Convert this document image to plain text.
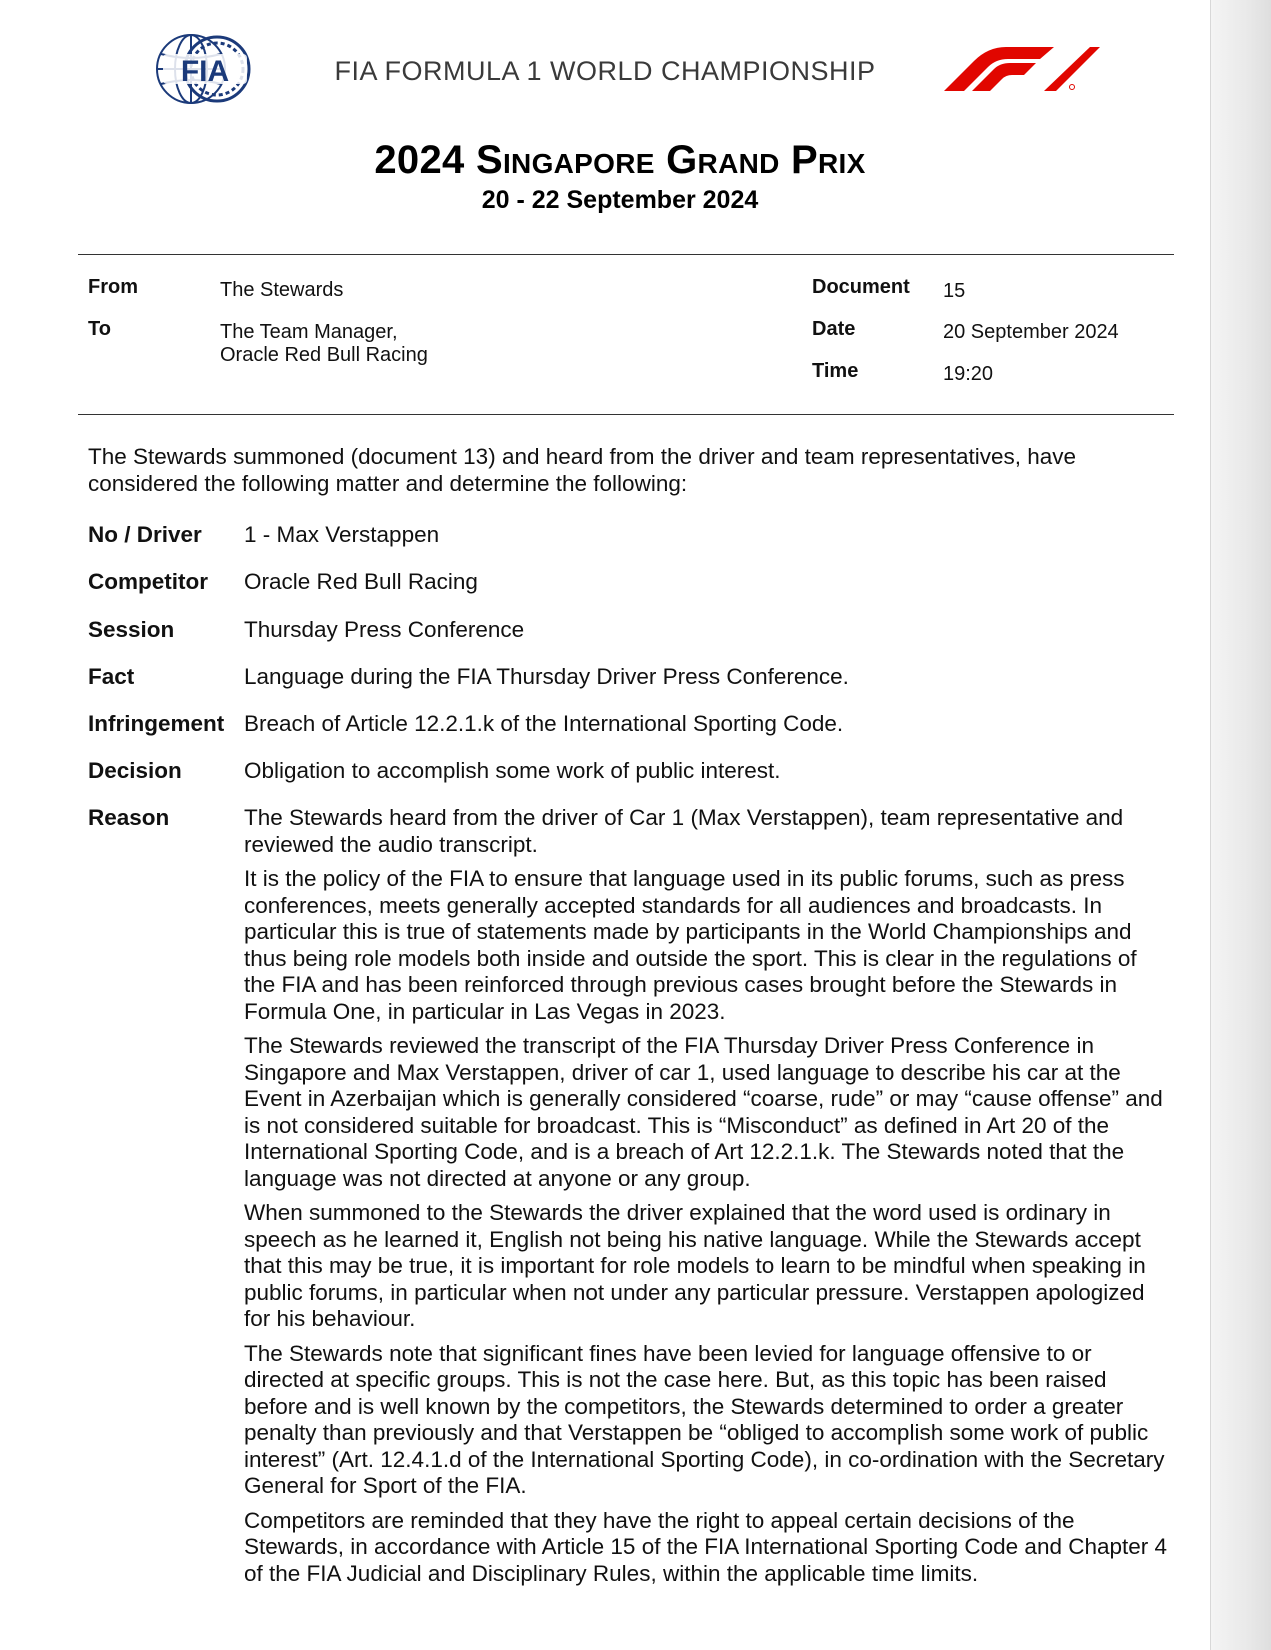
FIA	FIA FORMULA 1 WORLD CHAMPIONSHIP
2024 Singapore Grand Prix
20 - 22 September 2024
From	The Stewards
To	The Team Manager,
Oracle Red Bull Racing
Document 15
Date	20 September 2024
Time	19:20
The Stewards summoned (document 13) and heard from the driver and team representatives, have considered the following matter and determine the following:
No / Driver 1 - Max Verstappen
Competitor Oracle Red Bull Racing
Session	Thursday Press Conference
Fact	Language during the FIA Thursday Driver Press Conference.
Infringement Breach of Article 12.2.1.k of the International Sporting Code.
Decision	Obligation to accomplish some work of public interest.
Reason	The Stewards heard from the driver of Car 1 (Max Verstappen), team representative and reviewed the audio transcript.

It is the policy of the FIA to ensure that language used in its public forums, such as press conferences, meets generally accepted standards for all audiences and broadcasts. In particular this is true of statements made by participants in the World Championships and thus being role models both inside and outside the sport. This is clear in the regulations of the FIA and has been reinforced through previous cases brought before the Stewards in Formula One, in particular in Las Vegas in 2023.

The Stewards reviewed the transcript of the FIA Thursday Driver Press Conference in Singapore and Max Verstappen, driver of car 1, used language to describe his car at the Event in Azerbaijan which is generally considered “coarse, rude” or may “cause offense” and is not considered suitable for broadcast. This is “Misconduct” as defined in Art 20 of the International Sporting Code, and is a breach of Art 12.2.1.k. The Stewards noted that the language was not directed at anyone or any group.

When summoned to the Stewards the driver explained that the word used is ordinary in speech as he learned it, English not being his native language. While the Stewards accept that this may be true, it is important for role models to learn to be mindful when speaking in public forums, in particular when not under any particular pressure. Verstappen apologized for his behaviour.

The Stewards note that significant fines have been levied for language offensive to or directed at specific groups. This is not the case here. But, as this topic has been raised before and is well known by the competitors, the Stewards determined to order a greater penalty than previously and that Verstappen be “obliged to accomplish some work of public interest” (Art. 12.4.1.d of the International Sporting Code), in co-ordination with the Secretary General for Sport of the FIA.

Competitors are reminded that they have the right to appeal certain decisions of the Stewards, in accordance with Article 15 of the FIA International Sporting Code and Chapter 4 of the FIA Judicial and Disciplinary Rules, within the applicable time limits.
